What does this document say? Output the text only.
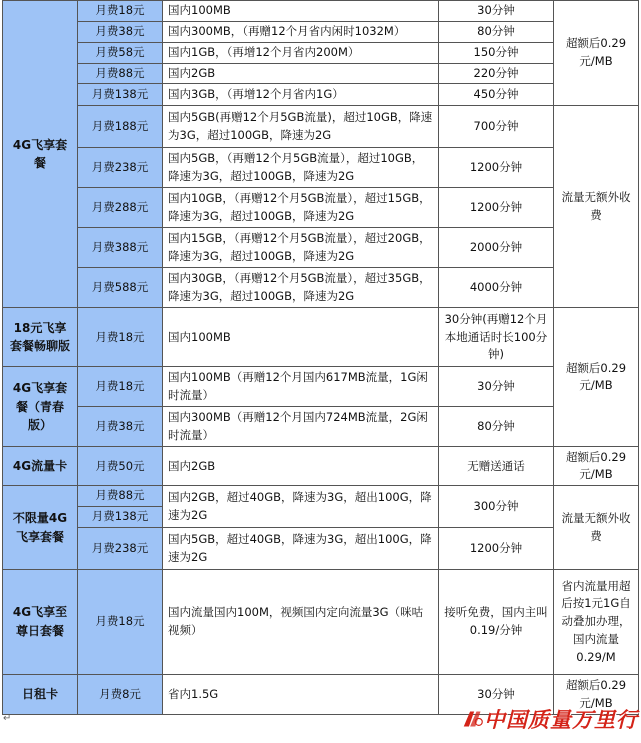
4G飞享套餐	月费18元	国内100MB	30分钟	超额后0.29元/MB
	月费38元	国内300MB，（再赠12个月省内闲时1032M）	80分钟	
	月费58元	国内1GB，（再增12个月省内200M）	150分钟	
	月费88元	国内2GB	220分钟	
	月费138元	国内3GB，（再增12个月省内1G）	450分钟	
	月费188元	国内5GB(再赠12个月5GB流量)，超过10GB，降速为3G，超过100GB，降速为2G	700分钟	流量无额外收费
	月费238元	国内5GB，（再赠12个月5GB流量），超过10GB，降速为3G，超过100GB，降速为2G	1200分钟	
	月费288元	国内10GB，（再赠12个月5GB流量），超过15GB，降速为3G，超过100GB，降速为2G	1200分钟	
	月费388元	国内15GB，（再赠12个月5GB流量），超过20GB，降速为3G，超过100GB，降速为2G	2000分钟	
	月费588元	国内30GB，（再赠12个月5GB流量），超过35GB，降速为3G，超过100GB，降速为2G	4000分钟	
18元飞享套餐畅聊版	月费18元	国内100MB	30分钟(再赠12个月本地通话时长100分钟)	超额后0.29元/MB
4G飞享套餐（青春版）	月费18元	国内100MB（再赠12个月国内617MB流量，1G闲时流量）	30分钟	
	月费38元	国内300MB（再赠12个月国内724MB流量，2G闲时流量）	80分钟	
4G流量卡	月费50元	国内2GB	无赠送通话	超额后0.29元/MB
不限量4G飞享套餐	月费88元	国内2GB，超过40GB，降速为3G，超出100G，降速为2G	300分钟	流量无额外收费
	月费138元			
	月费238元	国内5GB，超过40GB，降速为3G，超出100G，降速为2G	1200分钟	
4G飞享至尊日套餐	月费18元	国内流量国内100M，视频国内定向流量3G（咪咕视频）	接听免费，国内主叫0.19/分钟	省内流量用超后按1元1G自动叠加办理，国内流量0.29/M
日租卡	月费8元	省内1.5G	30分钟	超额后0.29元/MB
↵	中国质量万里行
